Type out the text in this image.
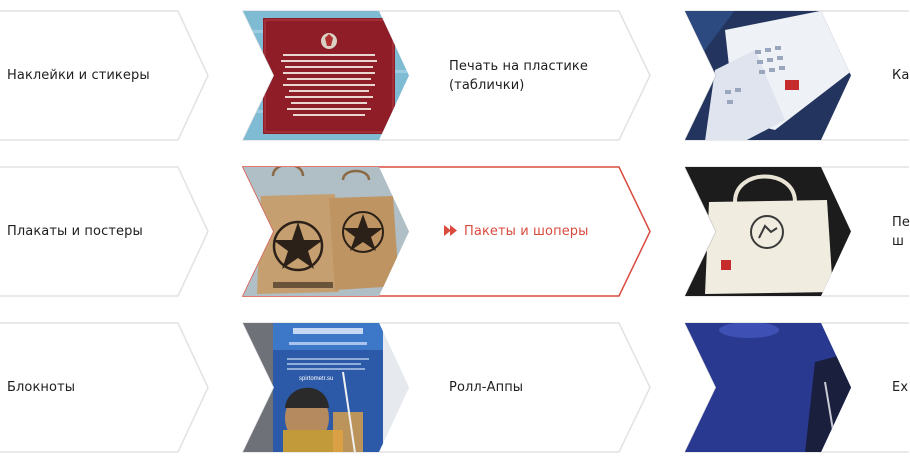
Наклейки и стикеры
Печать на пластике
(таблички)
Ка
Плакаты и постеры	Пакеты и шоперы
Пе
ш
Блокноты
spirtometr.su
Ролл-Аппы	Ex
